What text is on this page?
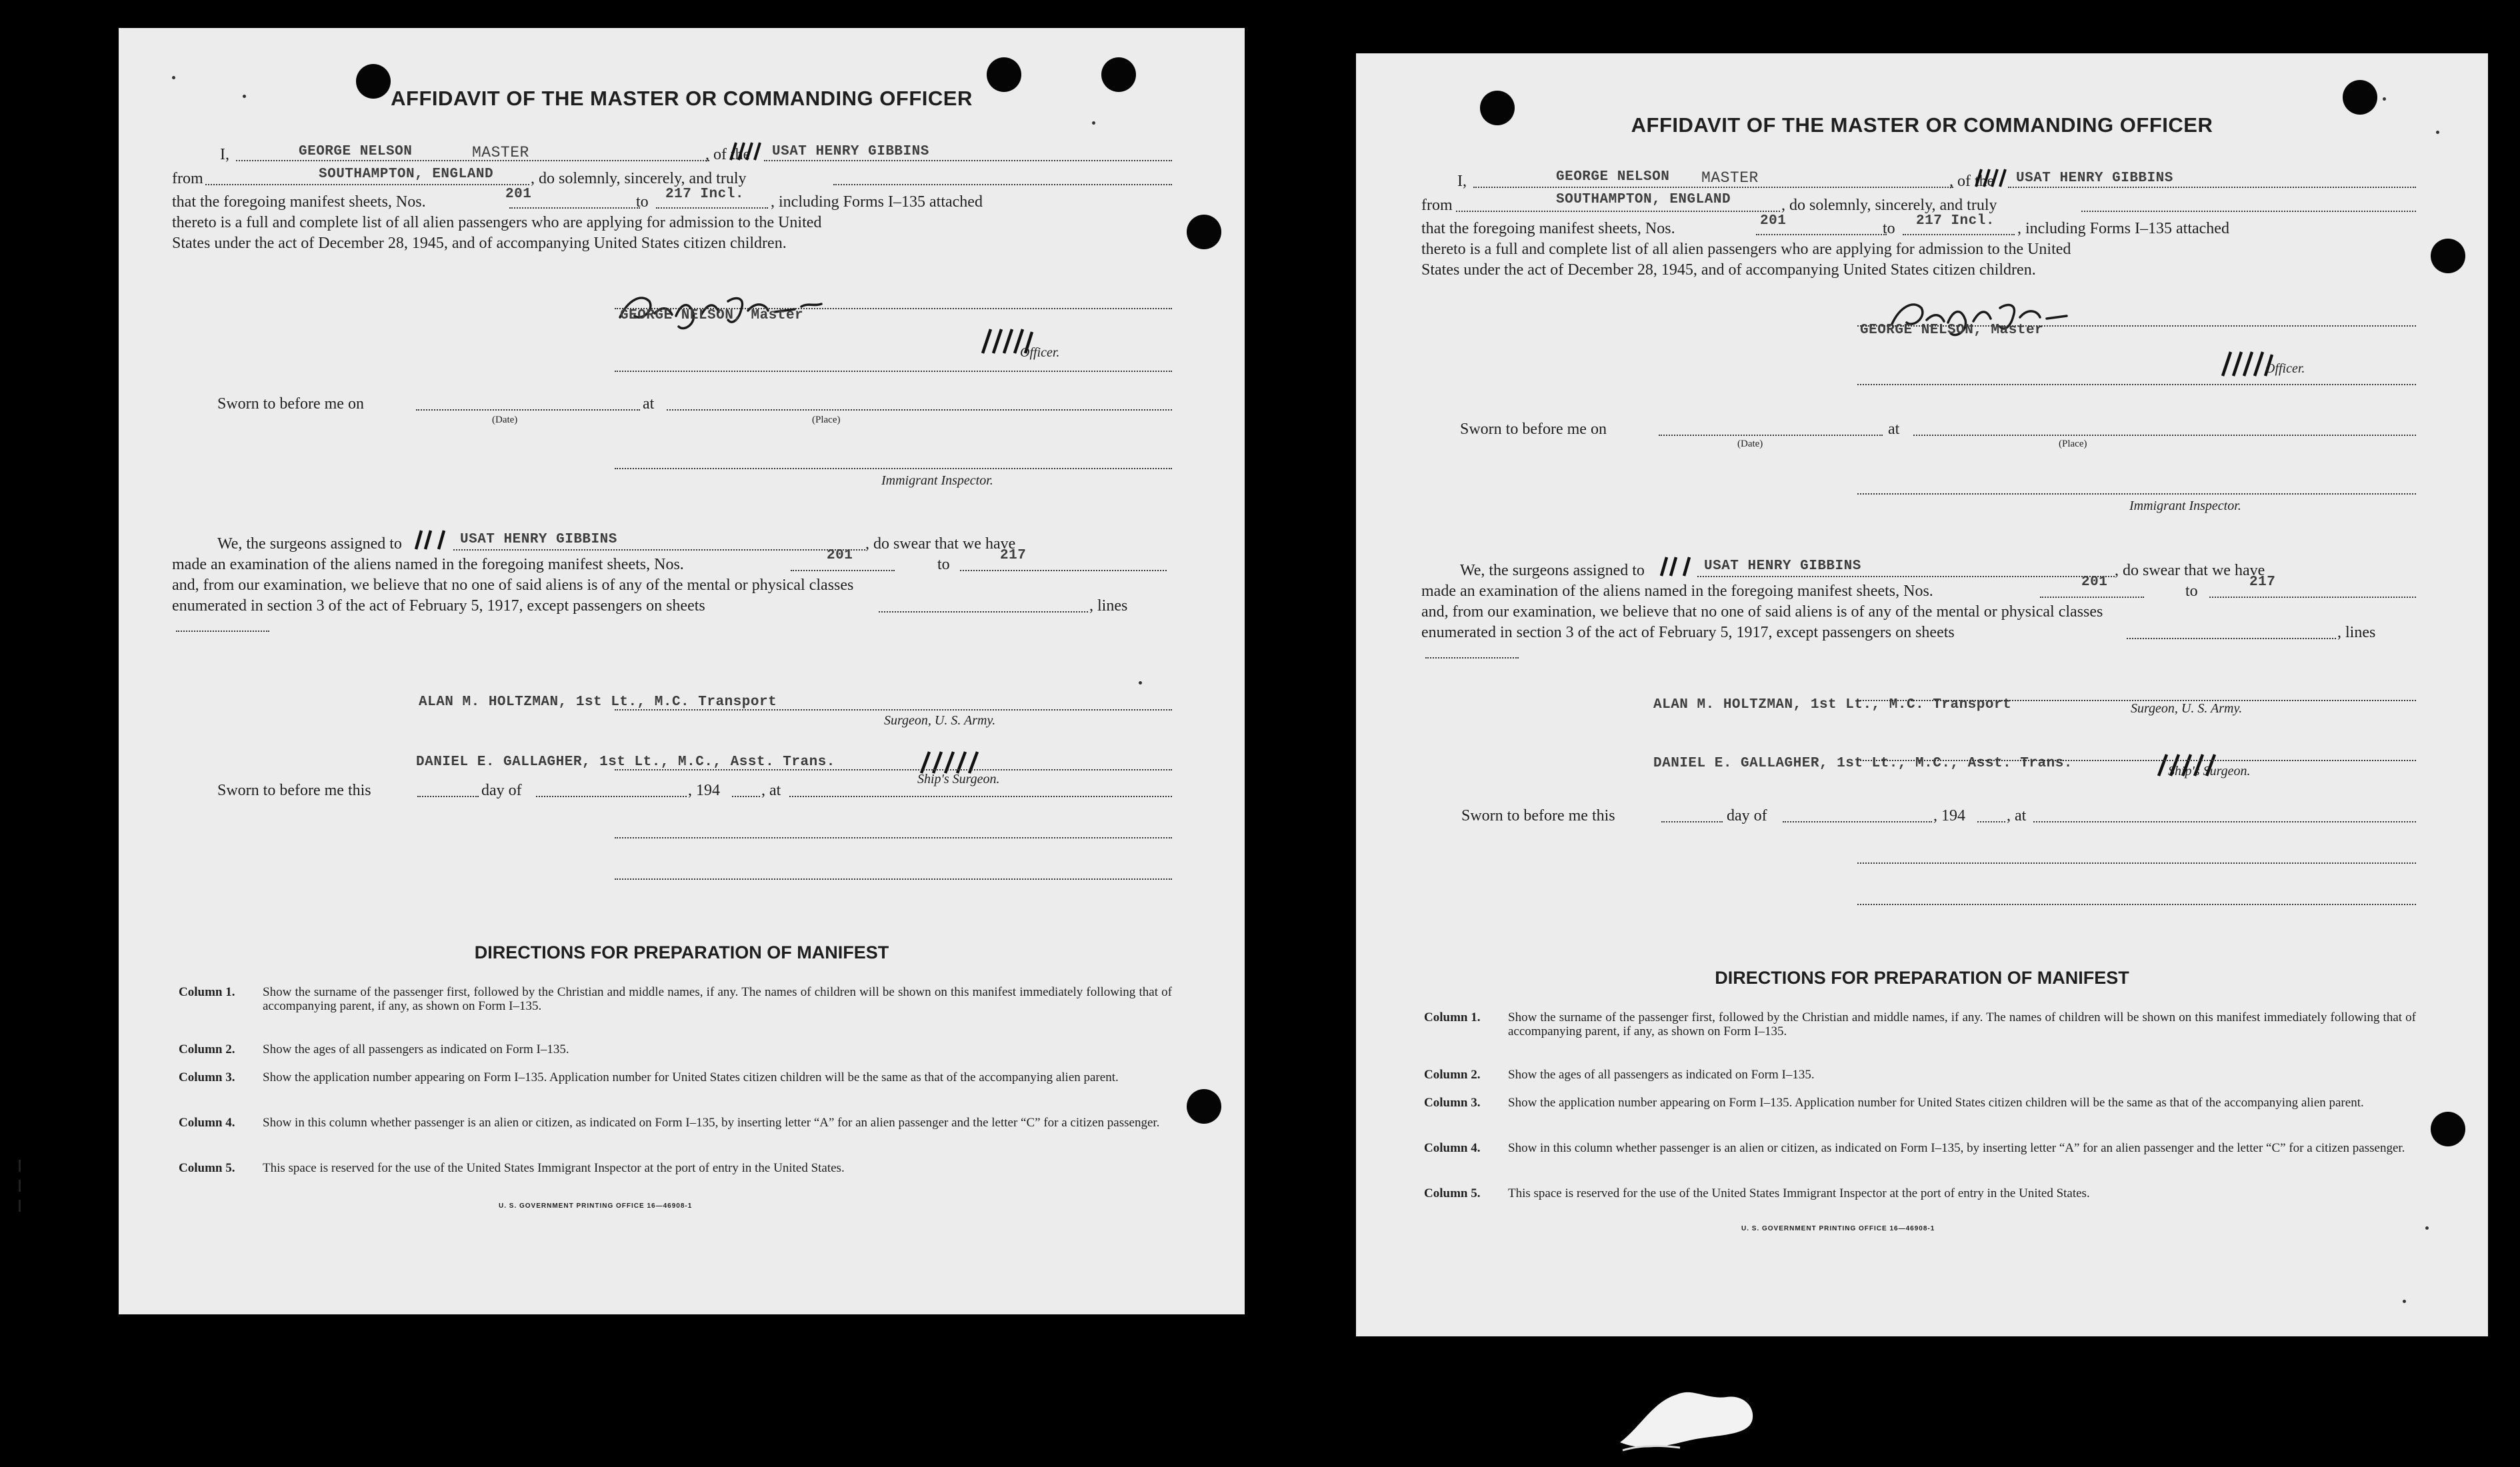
AFFIDAVIT OF THE MASTER OR COMMANDING OFFICER
I,	GEORGE NELSON	MASTER	, of the USAT HENRY GIBBINS
from	SOUTHAMPTON, ENGLAND , do solemnly, sincerely, and truly
that the foregoing manifest sheets, Nos.	201	to 217 Incl. , including Forms I–135 attached
thereto is a full and complete list of all alien passengers who are applying for admission to the United
States under the act of December 28, 1945, and of accompanying United States citizen children.
GEORGE NELSON, Master
Officer.
Sworn to before me on
(Date)
at
(Place)
Immigrant Inspector.
We, the surgeons assigned to	USAT HENRY GIBBINS	, do swear that we have
made an examination of the aliens named in the foregoing manifest sheets, Nos.
201
to
217
and, from our examination, we believe that no one of said aliens is of any of the mental or physical classes
enumerated in section 3 of the act of February 5, 1917, except passengers on sheets	, lines
ALAN M. HOLTZMAN, 1st Lt., M.C. Transport
Surgeon, U. S. Army.
DANIEL E. GALLAGHER, 1st Lt., M.C., Asst. Trans.
Ship's Surgeon.
Sworn to before me this	day of	, 194	, at
DIRECTIONS FOR PREPARATION OF MANIFEST
Column 1. Show the surname of the passenger first, followed by the Christian and middle names, if any. The names of children will be shown on this manifest immediately following that of accompanying parent, if any, as shown on Form I–135.
Column 2. Show the ages of all passengers as indicated on Form I–135.
Column 3. Show the application number appearing on Form I–135. Application number for United States citizen children will be the same as that of the accompanying alien parent.
Column 4. Show in this column whether passenger is an alien or citizen, as indicated on Form I–135, by inserting letter “A” for an alien passenger and the letter “C” for a citizen passenger.
Column 5. This space is reserved for the use of the United States Immigrant Inspector at the port of entry in the United States.
U. S. GOVERNMENT PRINTING OFFICE 16—46908-1
AFFIDAVIT OF THE MASTER OR COMMANDING OFFICER
I,	GEORGE NELSON MASTER	, of the USAT HENRY GIBBINS
from	SOUTHAMPTON, ENGLAND	, do solemnly, sincerely, and truly
that the foregoing manifest sheets, Nos.	201	to 217 Incl. , including Forms I–135 attached
thereto is a full and complete list of all alien passengers who are applying for admission to the United
States under the act of December 28, 1945, and of accompanying United States citizen children.
GEORGE NELSON, Master
Officer.
Sworn to before me on
(Date)
at
(Place)
Immigrant Inspector.
We, the surgeons assigned to	USAT HENRY GIBBINS	, do swear that we have
made an examination of the aliens named in the foregoing manifest sheets, Nos.
201
to
217
and, from our examination, we believe that no one of said aliens is of any of the mental or physical classes
enumerated in section 3 of the act of February 5, 1917, except passengers on sheets	, lines
ALAN M. HOLTZMAN, 1st Lt., M.C. Transport	Surgeon, U. S. Army.
DANIEL E. GALLAGHER, 1st Lt., M.C., Asst. Trans.	Ship's Surgeon.
Sworn to before me this	day of	, 194	, at
DIRECTIONS FOR PREPARATION OF MANIFEST
Column 1. Show the surname of the passenger first, followed by the Christian and middle names, if any. The names of children will be shown on this manifest immediately following that of accompanying parent, if any, as shown on Form I–135.
Column 2. Show the ages of all passengers as indicated on Form I–135.
Column 3. Show the application number appearing on Form I–135. Application number for United States citizen children will be the same as that of the accompanying alien parent.
Column 4. Show in this column whether passenger is an alien or citizen, as indicated on Form I–135, by inserting letter “A” for an alien passenger and the letter “C” for a citizen passenger.
Column 5. This space is reserved for the use of the United States Immigrant Inspector at the port of entry in the United States.
U. S. GOVERNMENT PRINTING OFFICE 16—46908-1
